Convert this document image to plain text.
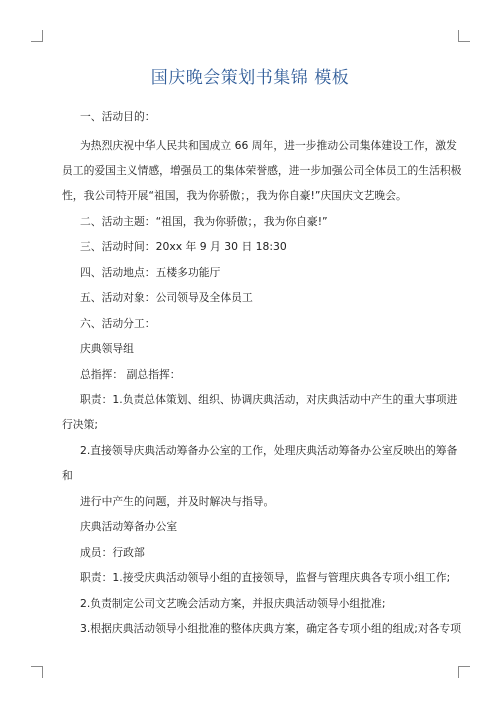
国庆晚会策划书集锦 模板
一、活动目的：
为热烈庆祝中华人民共和国成立 66 周年，进一步推动公司集体建设工作，激发
员工的爱国主义情感，增强员工的集体荣誉感，进一步加强公司全体员工的生活积极
性，我公司特开展“祖国，我为你骄傲；，我为你自豪!”庆国庆文艺晚会。
二、活动主题：“祖国，我为你骄傲；，我为你自豪!”
三、活动时间：20xx 年 9 月 30 日 18:30
四、活动地点：五楼多功能厅
五、活动对象：公司领导及全体员工
六、活动分工：
庆典领导组
总指挥： 副总指挥：
职责：1.负责总体策划、组织、协调庆典活动，对庆典活动中产生的重大事项进
行决策;
2.直接领导庆典活动筹备办公室的工作，处理庆典活动筹备办公室反映出的筹备
和
进行中产生的问题，并及时解决与指导。
庆典活动筹备办公室
成员：行政部
职责：1.接受庆典活动领导小组的直接领导，监督与管理庆典各专项小组工作;
2.负责制定公司文艺晚会活动方案，并报庆典活动领导小组批准;
3.根据庆典活动领导小组批准的整体庆典方案，确定各专项小组的组成;对各专项
